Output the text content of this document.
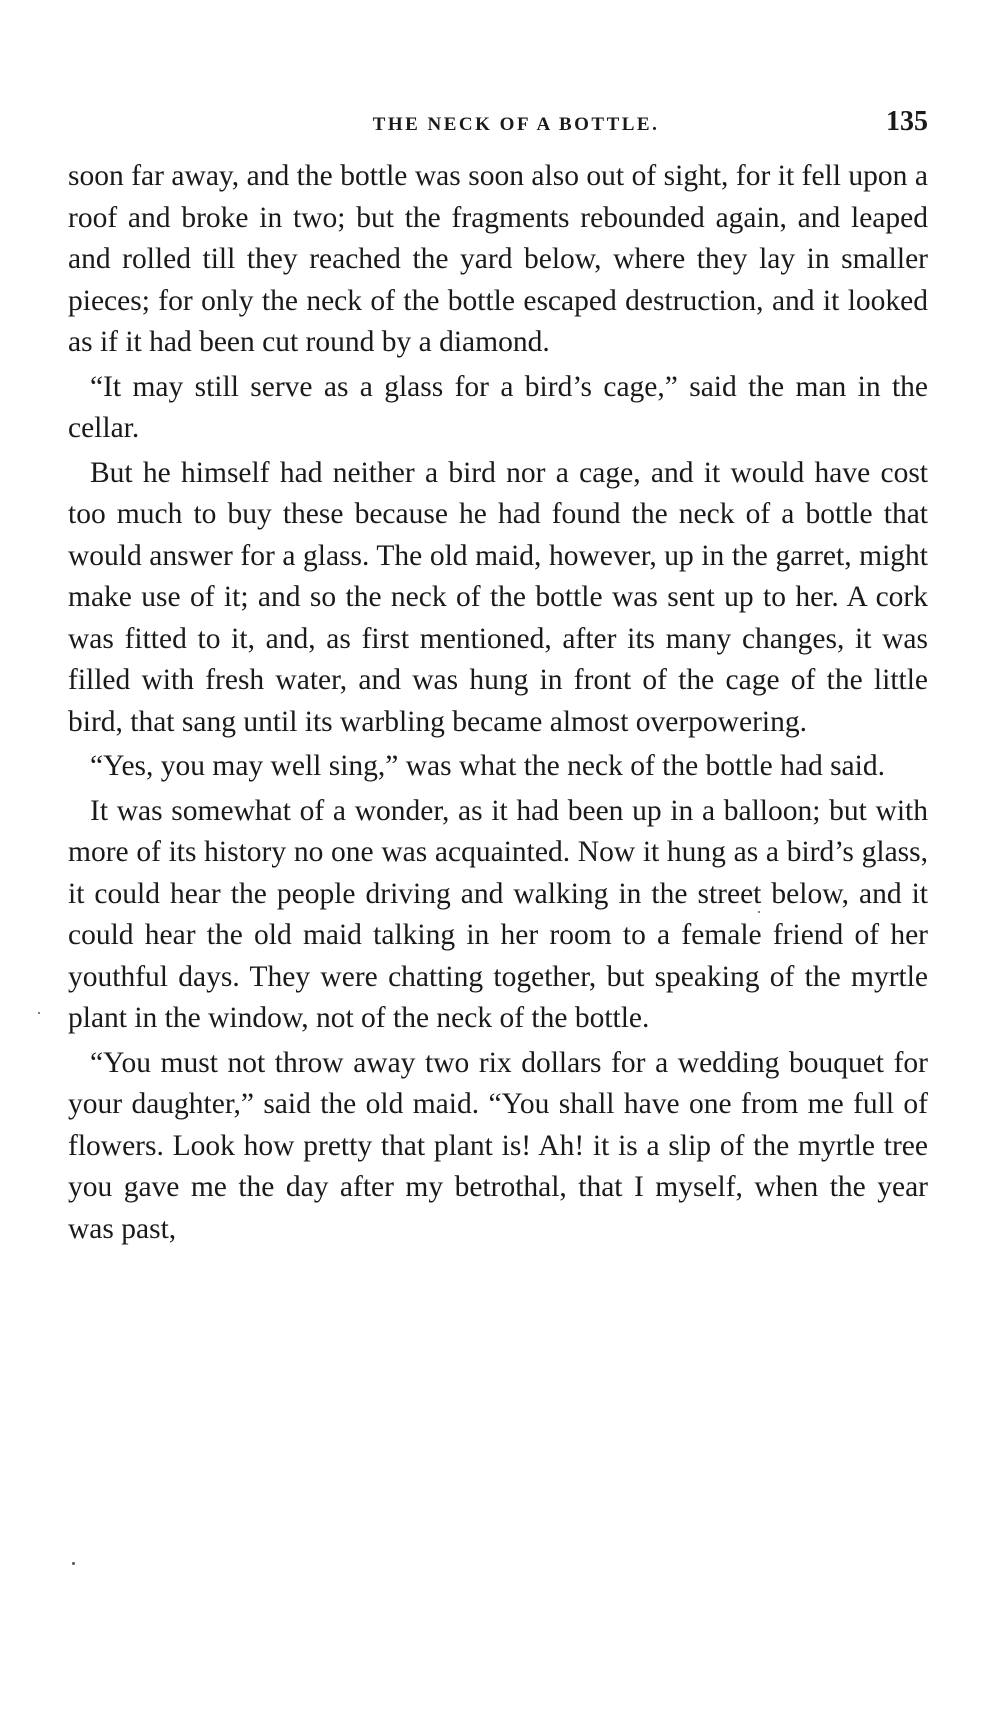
THE NECK OF A BOTTLE.	135

soon far away, and the bottle was soon also out of sight, for it fell upon a roof and broke in two; but the fragments rebounded again, and leaped and rolled till they reached the yard below, where they lay in smaller pieces; for only the neck of the bottle escaped destruction, and it looked as if it had been cut round by a diamond.

“It may still serve as a glass for a bird’s cage,” said the man in the cellar.

But he himself had neither a bird nor a cage, and it would have cost too much to buy these because he had found the neck of a bottle that would answer for a glass. The old maid, however, up in the garret, might make use of it; and so the neck of the bottle was sent up to her. A cork was fitted to it, and, as first mentioned, after its many changes, it was filled with fresh water, and was hung in front of the cage of the little bird, that sang until its warbling became almost overpowering.

“Yes, you may well sing,” was what the neck of the bottle had said.

It was somewhat of a wonder, as it had been up in a balloon; but with more of its history no one was acquainted. Now it hung as a bird’s glass, it could hear the people driving and walking in the street below, and it could hear the old maid talking in her room to a female friend of her youthful days. They were chatting together, but speaking of the myrtle plant in the window, not of the neck of the bottle.

“You must not throw away two rix dollars for a wedding bouquet for your daughter,” said the old maid. “You shall have one from me full of flowers. Look how pretty that plant is! Ah! it is a slip of the myrtle tree you gave me the day after my betrothal, that I myself, when the year was past,
